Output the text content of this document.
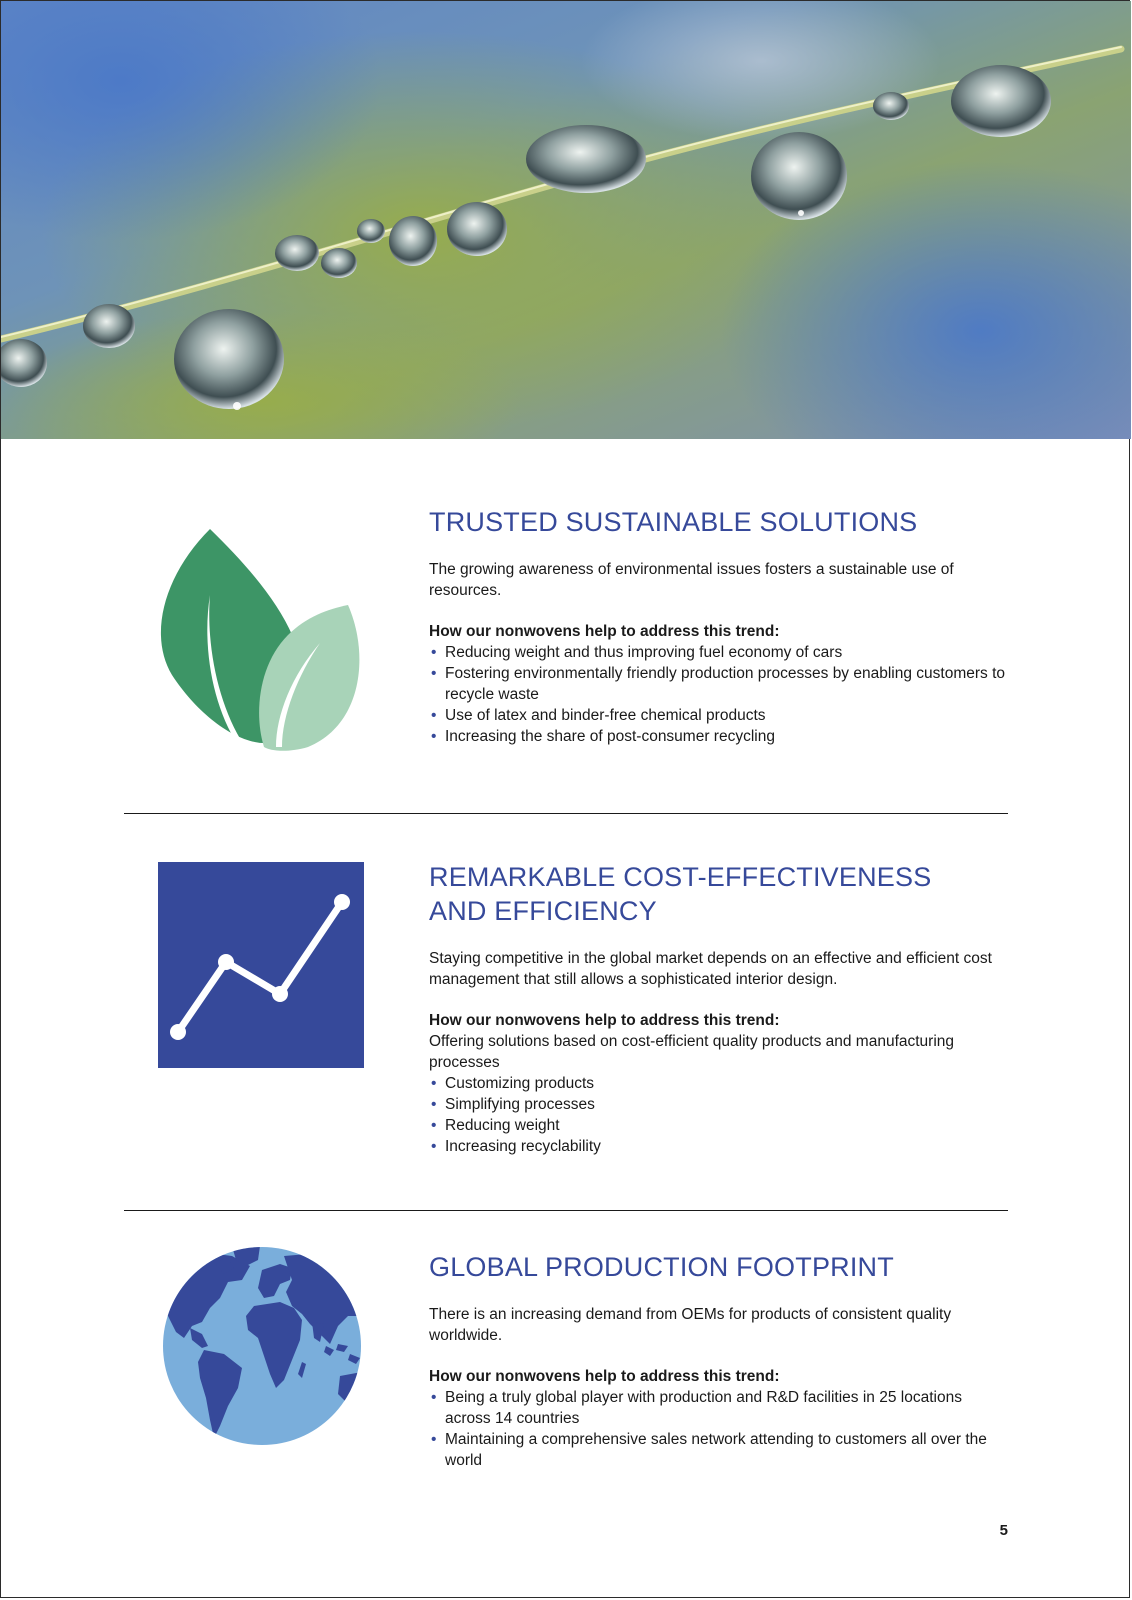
TRUSTED SUSTAINABLE SOLUTIONS

The growing awareness of environmental issues fosters a sustainable use of resources.

How our nonwovens help to address this trend:

• Reducing weight and thus improving fuel economy of cars
• Fostering environmentally friendly production processes by enabling customers to recycle waste
• Use of latex and binder-free chemical products
• Increasing the share of post-consumer recycling
REMARKABLE COST-EFFECTIVENESS
AND EFFICIENCY

Staying competitive in the global market depends on an effective and efficient cost management that still allows a sophisticated interior design.

How our nonwovens help to address this trend:

Offering solutions based on cost-efficient quality products and manufacturing processes

• Customizing products
• Simplifying processes
• Reducing weight
• Increasing recyclability
GLOBAL PRODUCTION FOOTPRINT

There is an increasing demand from OEMs for products of consistent quality worldwide.

How our nonwovens help to address this trend:

• Being a truly global player with production and R&D facilities in 25 locations across 14 countries
• Maintaining a comprehensive sales network attending to customers all over the world
5
